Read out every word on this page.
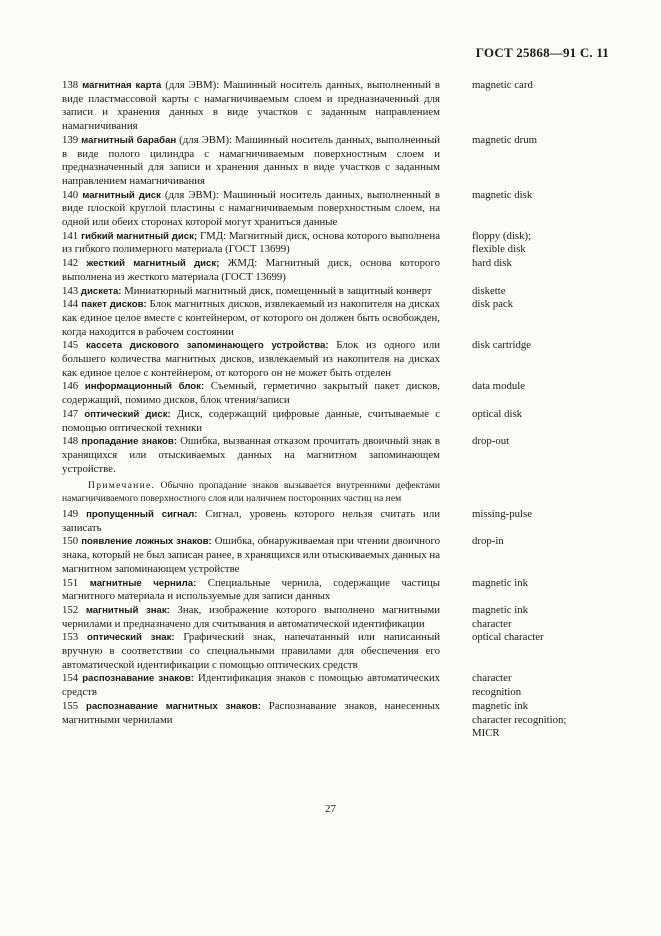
ГОСТ 25868—91 С. 11
138 магнитная карта (для ЭВМ): Машинный носитель данных, выполненный в виде пластмассовой карты с намагничиваемым слоем и предназначенный для записи и хранения данных в виде участков с заданным направлением намагничивания
magnetic card
139 магнитный барабан (для ЭВМ): Машинный носитель данных, выполненный в виде полого цилиндра с намагничиваемым поверхностным слоем и предназначенный для записи и хранения данных в виде участков с заданным направлением намагничивания
magnetic drum
140 магнитный диск (для ЭВМ): Машинный носитель данных, выполненный в виде плоской круглой пластины с намагничиваемым поверхностным слоем, на одной или обеих сторонах которой могут храниться данные
magnetic disk
141 гибкий магнитный диск; ГМД: Магнитный диск, основа которого выполнена из гибкого полимерного материала (ГОСТ 13699)
floppy (disk);
flexible disk
142 жесткий магнитный диск; ЖМД: Магнитный диск, основа которого выполнена из жесткого материала (ГОСТ 13699)
hard disk
143 дискета: Миниатюрный магнитный диск, помещенный в защитный конверт	diskette
144 пакет дисков: Блок магнитных дисков, извлекаемый из накопителя на дисках как единое целое вместе с контейнером, от которого он должен быть освобожден, когда находится в рабочем состоянии
disk pack
145 кассета дискового запоминающего устройства: Блок из одного или большего количества магнитных дисков, извлекаемый из накопителя на дисках как единое целое с контейнером, от которого он не может быть отделен
disk cartridge
146 информационный блок: Съемный, герметично закрытый пакет дисков, содержащий, помимо дисков, блок чтения/записи
data module
147 оптический диск: Диск, содержащий цифровые данные, считываемые с помощью оптической техники
optical disk
148 пропадание знаков: Ошибка, вызванная отказом прочитать двоичный знак в хранящихся или отыскиваемых данных на магнитном запоминающем устройстве.
drop-out
Примечание. Обычно пропадание знаков вызывается внутренними дефектами намагничиваемого поверхностного слоя или наличием посторонних частиц на нем
149 пропущенный сигнал: Сигнал, уровень которого нельзя считать или записать
missing-pulse
150 появление ложных знаков: Ошибка, обнаруживаемая при чтении двоичного знака, который не был записан ранее, в хранящихся или отыскиваемых данных на магнитном запоминающем устройстве
drop-in
151 магнитные чернила: Специальные чернила, содержащие частицы магнитного материала и используемые для записи данных
magnetic ink
152 магнитный знак: Знак, изображение которого выполнено магнитными чернилами и предназначено для считывания и автоматической идентификации
magnetic ink
character
153 оптический знак: Графический знак, напечатанный или написанный вручную в соответствии со специальными правилами для обеспечения его автоматической идентификации с помощью оптических средств
optical character
154 распознавание знаков: Идентификация знаков с помощью автоматических средств
character
recognition
155 распознавание магнитных знаков: Распознавание знаков, нанесенных магнитными чернилами
magnetic ink
character recognition;
MICR
27
